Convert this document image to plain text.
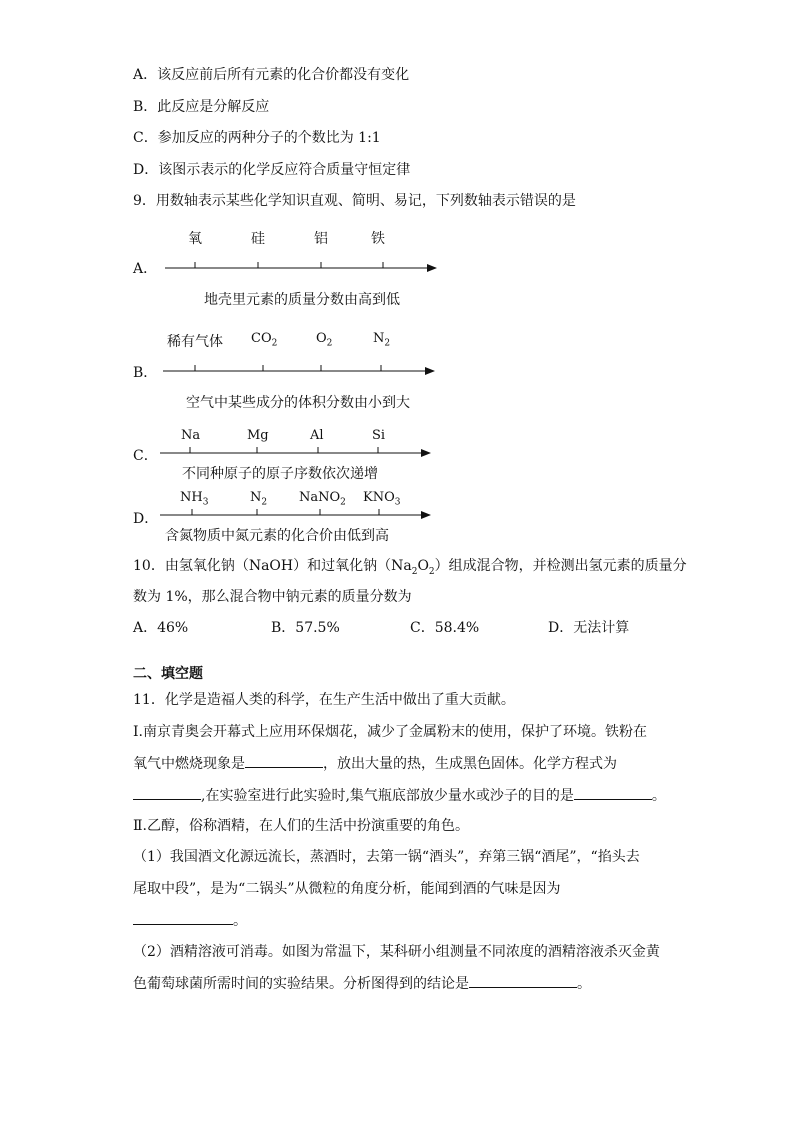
A．该反应前后所有元素的化合价都没有变化
B．此反应是分解反应
C．参加反应的两种分子的个数比为 1:1
D．该图示表示的化学反应符合质量守恒定律
9．用数轴表示某些化学知识直观、简明、易记，下列数轴表示错误的是
A．
氧	硅	铝	铁
地壳里元素的质量分数由高到低
B．
稀有气体 $CO_2$	$O_2$	$N_2$
空气中某些成分的体积分数由小到大
C．
Na	Mg	Al	Si
不同种原子的原子序数依次递增
D．
$NH_3$	$N_2$ NaNO$_2$ $KNO_3$
含氮物质中氮元素的化合价由低到高
10．由氢氧化钠（NaOH）和过氧化钠$(Na_2O_2)$组成混合物，并检测出氢元素的质量分
数为 1%，那么混合物中钠元素的质量分数为
A．46%	B．57.5%	C．58.4%	D．无法计算
二、填空题
11．化学是造福人类的科学，在生产生活中做出了重大贡献。
Ⅰ.南京青奥会开幕式上应用环保烟花，减少了金属粉末的使用，保护了环境。铁粉在
氧气中燃烧现象是	，放出大量的热，生成黑色固体。化学方程式为
,在实验室进行此实验时,集气瓶底部放少量水或沙子的目的是	。
Ⅱ.乙醇，俗称酒精，在人们的生活中扮演重要的角色。
（1）我国酒文化源远流长，蒸酒时，去第一锅“酒头”，弃第三锅“酒尾”，“掐头去
尾取中段”，是为“二锅头”从微粒的角度分析，能闻到酒的气味是因为
。
（2）酒精溶液可消毒。如图为常温下，某科研小组测量不同浓度的酒精溶液杀灭金黄
色葡萄球菌所需时间的实验结果。分析图得到的结论是	。
